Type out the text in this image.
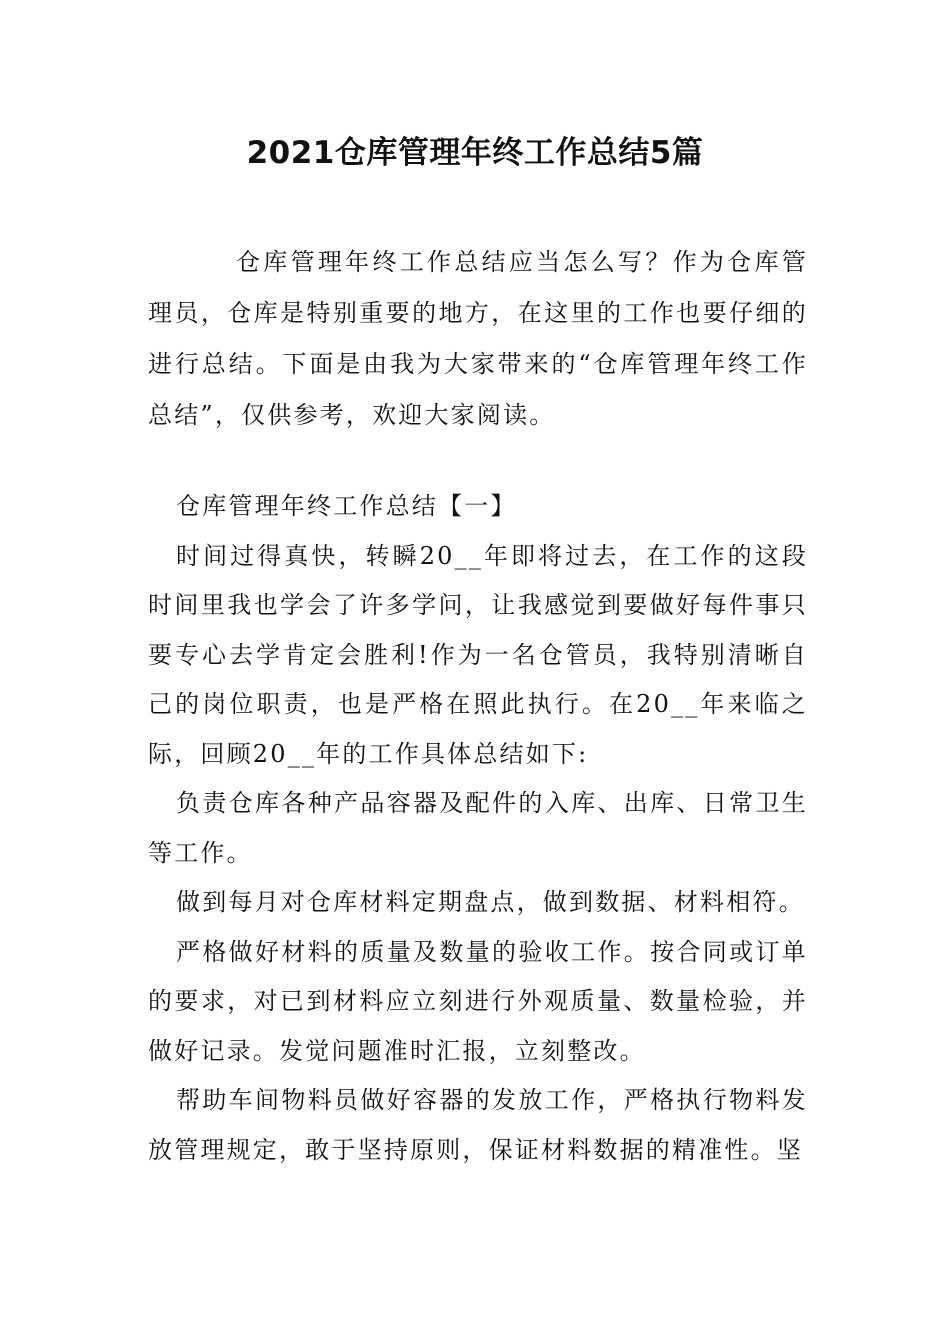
2021仓库管理年终工作总结5篇

仓库管理年终工作总结应当怎么写？作为仓库管理员，仓库是特别重要的地方，在这里的工作也要仔细的进行总结。下面是由我为大家带来的“仓库管理年终工作总结”，仅供参考，欢迎大家阅读。

仓库管理年终工作总结【一】

时间过得真快，转瞬20__年即将过去，在工作的这段时间里我也学会了许多学问，让我感觉到要做好每件事只要专心去学肯定会胜利!作为一名仓管员，我特别清晰自己的岗位职责，也是严格在照此执行。在20__年来临之际，回顾20__年的工作具体总结如下:

负责仓库各种产品容器及配件的入库、出库、日常卫生等工作。

做到每月对仓库材料定期盘点，做到数据、材料相符。

严格做好材料的质量及数量的验收工作。按合同或订单的要求，对已到材料应立刻进行外观质量、数量检验，并做好记录。发觉问题准时汇报，立刻整改。

帮助车间物料员做好容器的发放工作，严格执行物料发放管理规定，敢于坚持原则，保证材料数据的精准性。坚
